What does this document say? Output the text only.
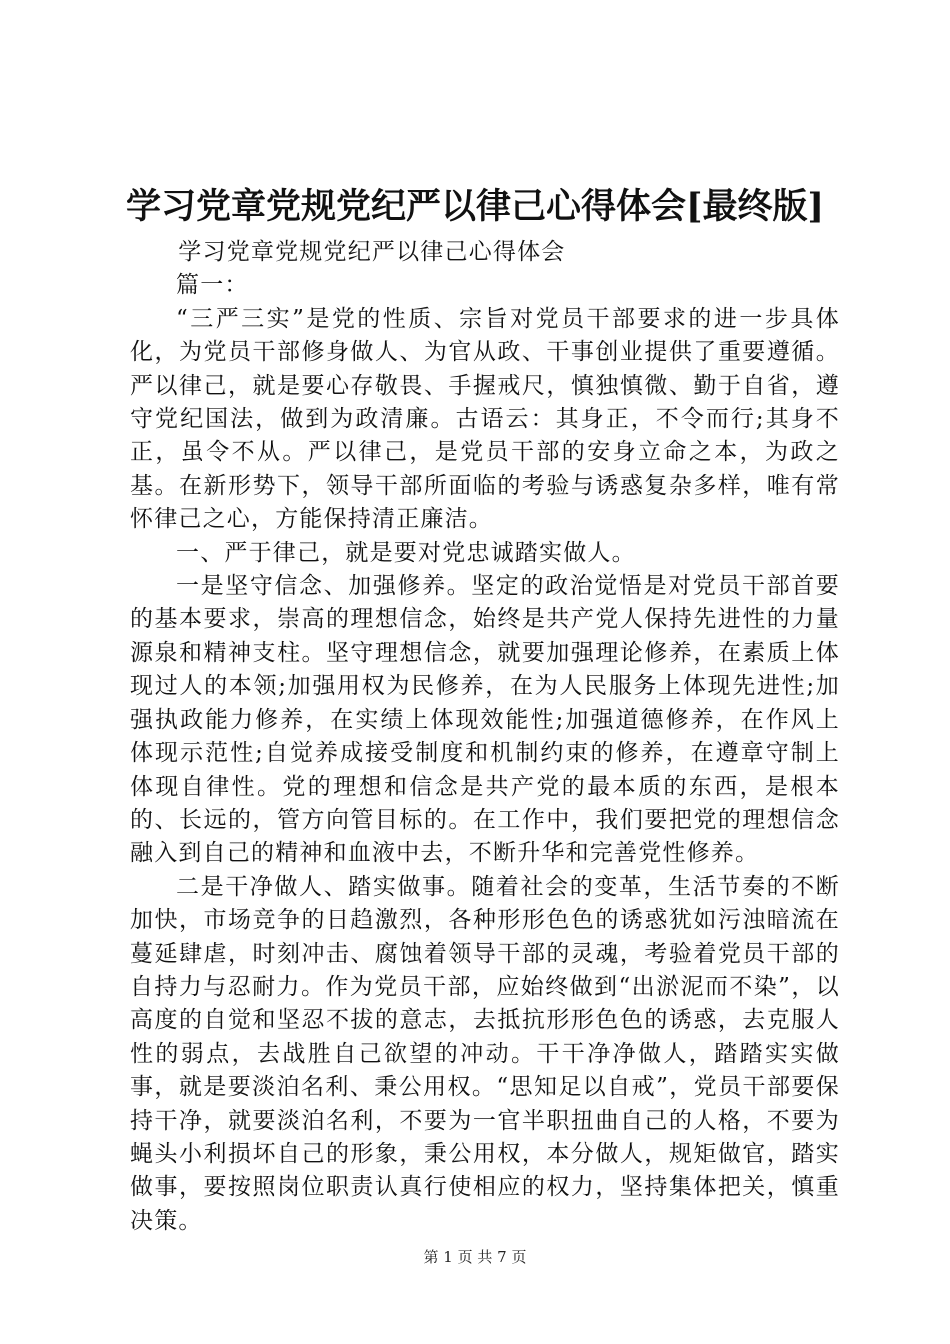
学习党章党规党纪严以律己心得体会[最终版]

学习党章党规党纪严以律己心得体会

篇一：

“三严三实”是党的性质、宗旨对党员干部要求的进一步具体化，为党员干部修身做人、为官从政、干事创业提供了重要遵循。严以律己，就是要心存敬畏、手握戒尺，慎独慎微、勤于自省，遵守党纪国法，做到为政清廉。古语云：其身正，不令而行;其身不正，虽令不从。严以律己，是党员干部的安身立命之本，为政之基。在新形势下，领导干部所面临的考验与诱惑复杂多样，唯有常怀律己之心，方能保持清正廉洁。

一、严于律己，就是要对党忠诚踏实做人。

一是坚守信念、加强修养。坚定的政治觉悟是对党员干部首要的基本要求，崇高的理想信念，始终是共产党人保持先进性的力量源泉和精神支柱。坚守理想信念，就要加强理论修养，在素质上体现过人的本领;加强用权为民修养，在为人民服务上体现先进性;加强执政能力修养，在实绩上体现效能性;加强道德修养，在作风上体现示范性;自觉养成接受制度和机制约束的修养，在遵章守制上体现自律性。党的理想和信念是共产党的最本质的东西，是根本的、长远的，管方向管目标的。在工作中，我们要把党的理想信念融入到自己的精神和血液中去，不断升华和完善党性修养。

二是干净做人、踏实做事。随着社会的变革，生活节奏的不断加快，市场竞争的日趋激烈，各种形形色色的诱惑犹如污浊暗流在蔓延肆虐，时刻冲击、腐蚀着领导干部的灵魂，考验着党员干部的自持力与忍耐力。作为党员干部，应始终做到“出淤泥而不染”，以高度的自觉和坚忍不拔的意志，去抵抗形形色色的诱惑，去克服人性的弱点，去战胜自己欲望的冲动。干干净净做人，踏踏实实做事，就是要淡泊名利、秉公用权。“思知足以自戒”，党员干部要保持干净，就要淡泊名利，不要为一官半职扭曲自己的人格，不要为蝇头小利损坏自己的形象，秉公用权，本分做人，规矩做官，踏实做事，要按照岗位职责认真行使相应的权力，坚持集体把关，慎重决策。

第 1 页 共 7 页
